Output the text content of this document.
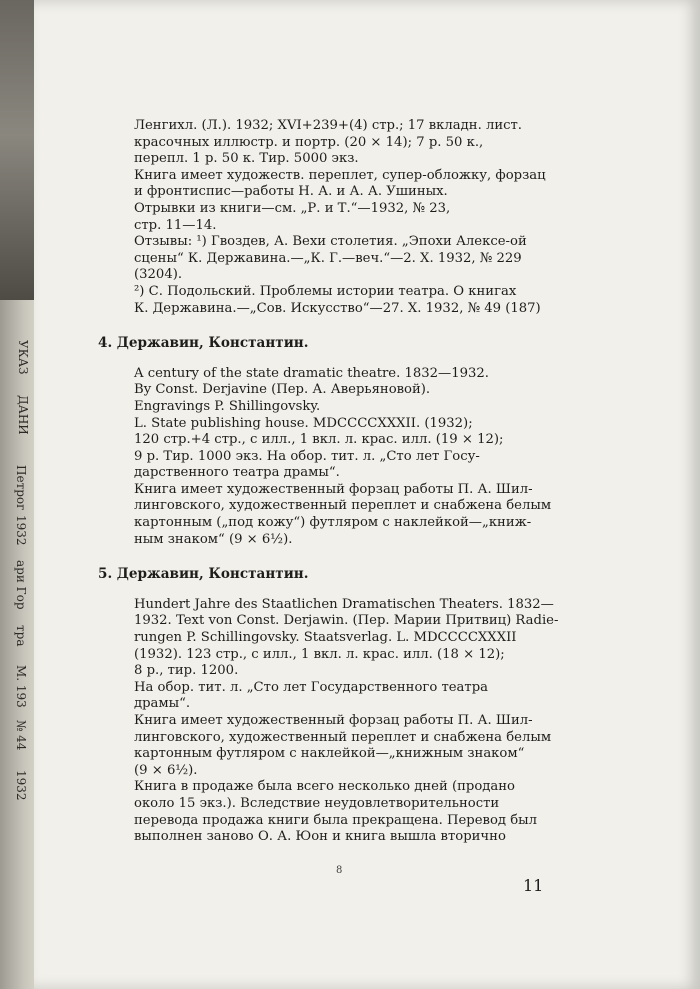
УКАЗ
ДАНИ
Петрог
1932
ари Гор
тра
М. 193
№ 44
1932

Ленгихл. (Л.). 1932; XVI+239+(4) стр.; 17 вкладн. лист.

красочных иллюстр. и портр. (20 × 14); 7 р. 50 к.,

перепл. 1 р. 50 к. Тир. 5000 экз.

Книга имеет художеств. переплет, супер-обложку, форзац

и фронтиспис—работы Н. А. и А. А. Ушиных.

Отрывки из книги—см. „Р. и Т.“—1932, № 23,

стр. 11—14.

Отзывы: ¹) Гвоздев, А. Вехи столетия. „Эпохи Алексе-ой

сцены“ К. Державина.—„К. Г.—веч.“—2. X. 1932, № 229

(3204).

²) С. Подольский. Проблемы истории театра. О книгах

К. Державина.—„Сов. Искусство“—27. X. 1932, № 49 (187)

4. Державин, Константин.

A century of the state dramatic theatre. 1832—1932.

By Const. Derjavine (Пер. А. Аверьяновой).

Engravings P. Shillingovsky.

L. State publishing house. MDCCCCXXXII. (1932);

120 стр.+4 стр., с илл., 1 вкл. л. крас. илл. (19 × 12);

9 р. Тир. 1000 экз. На обор. тит. л. „Сто лет Госу-

дарственного театра драмы“.

Книга имеет художественный форзац работы П. А. Шил-

линговского, художественный переплет и снабжена белым

картонным („под кожу“) футляром с наклейкой—„книж-

ным знаком“ (9 × 6½).

5. Державин, Константин.

Hundert Jahre des Staatlichen Dramatischen Theaters. 1832—

1932. Text von Const. Derjawin. (Пер. Марии Притвиц) Radie-

rungen P. Schillingovsky. Staatsverlag. L. MDCCCCXXXII

(1932). 123 стр., с илл., 1 вкл. л. крас. илл. (18 × 12);

8 р., тир. 1200.

На обор. тит. л. „Сто лет Государственного театра

драмы“.

Книга имеет художественный форзац работы П. А. Шил-

линговского, художественный переплет и снабжена белым

картонным футляром с наклейкой—„книжным знаком“

(9 × 6½).

Книга в продаже была всего несколько дней (продано

около 15 экз.). Вследствие неудовлетворительности

перевода продажа книги была прекращена. Перевод был

выполнен заново О. А. Юон и книга вышла вторично

8
11
